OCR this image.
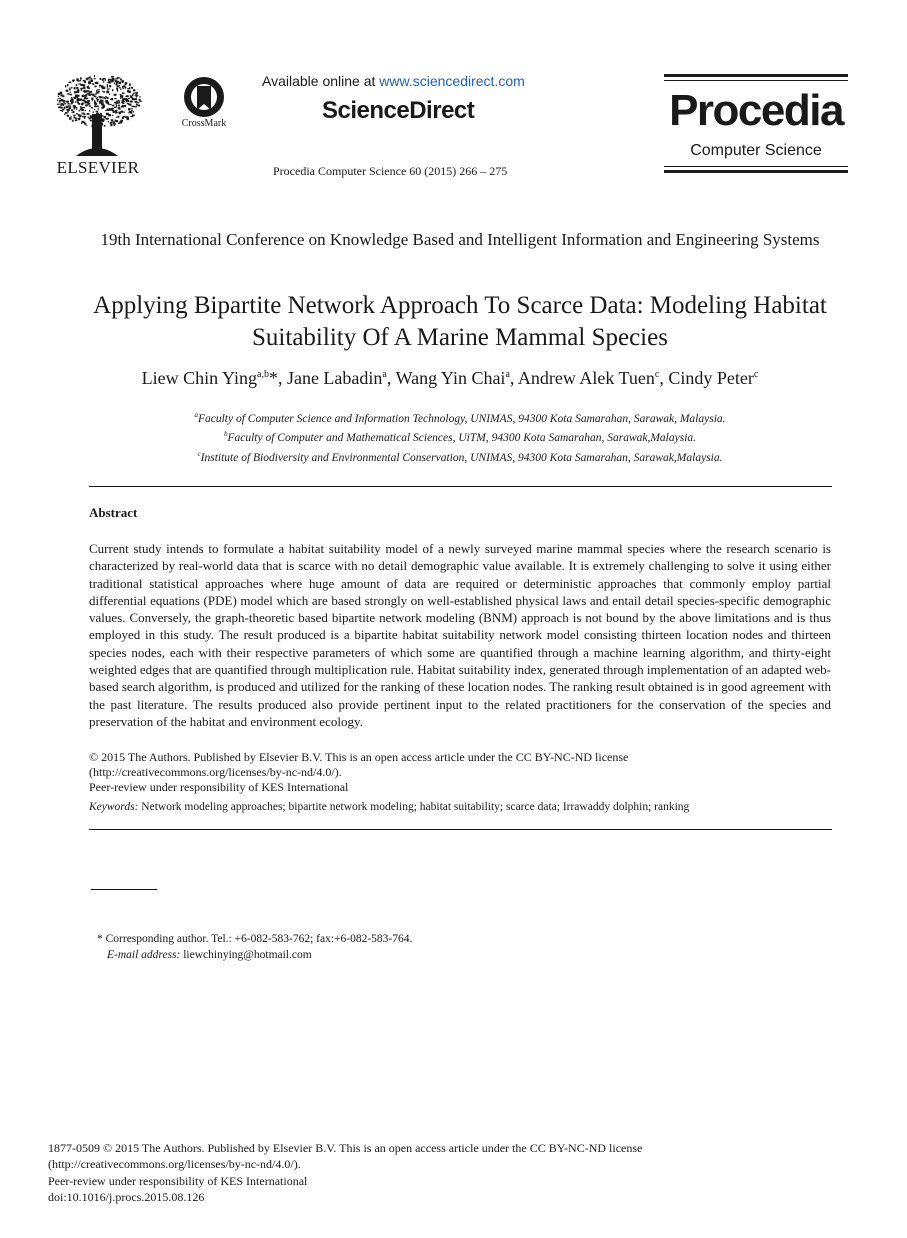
ELSEVIER
CrossMark
Available online at www.sciencedirect.com
ScienceDirect
Procedia Computer Science 60 (2015) 266 – 275
Procedia
Computer Science
19th International Conference on Knowledge Based and Intelligent Information and Engineering Systems
Applying Bipartite Network Approach To Scarce Data: Modeling Habitat Suitability Of A Marine Mammal Species
Liew Chin Ying$^{a,b}$*, Jane Labadin$^a$, Wang Yin Chai$^a$, Andrew Alek Tuen$^c$, Cindy Peter$^c$
$^a$Faculty of Computer Science and Information Technology, UNIMAS, 94300 Kota Samarahan, Sarawak, Malaysia.
$^b$Faculty of Computer and Mathematical Sciences, UiTM, 94300 Kota Samarahan, Sarawak,Malaysia.
$^c$Institute of Biodiversity and Environmental Conservation, UNIMAS, 94300 Kota Samarahan, Sarawak,Malaysia.
Abstract
Current study intends to formulate a habitat suitability model of a newly surveyed marine mammal species where the research scenario is characterized by real-world data that is scarce with no detail demographic value available. It is extremely challenging to solve it using either traditional statistical approaches where huge amount of data are required or deterministic approaches that commonly employ partial differential equations (PDE) model which are based strongly on well-established physical laws and entail detail species-specific demographic values. Conversely, the graph-theoretic based bipartite network modeling (BNM) approach is not bound by the above limitations and is thus employed in this study. The result produced is a bipartite habitat suitability network model consisting thirteen location nodes and thirteen species nodes, each with their respective parameters of which some are quantified through a machine learning algorithm, and thirty-eight weighted edges that are quantified through multiplication rule. Habitat suitability index, generated through implementation of an adapted web-based search algorithm, is produced and utilized for the ranking of these location nodes. The ranking result obtained is in good agreement with the past literature. The results produced also provide pertinent input to the related practitioners for the conservation of the species and preservation of the habitat and environment ecology.
© 2015 The Authors. Published by Elsevier B.V. This is an open access article under the CC BY-NC-ND license
(http://creativecommons.org/licenses/by-nc-nd/4.0/).
Peer-review under responsibility of KES International
Keywords: Network modeling approaches; bipartite network modeling; habitat suitability; scarce data; Irrawaddy dolphin; ranking
* Corresponding author. Tel.: +6-082-583-762; fax:+6-082-583-764.
E-mail address: liewchinying@hotmail.com
1877-0509 © 2015 The Authors. Published by Elsevier B.V. This is an open access article under the CC BY-NC-ND license
(http://creativecommons.org/licenses/by-nc-nd/4.0/).
Peer-review under responsibility of KES International
doi:10.1016/j.procs.2015.08.126
